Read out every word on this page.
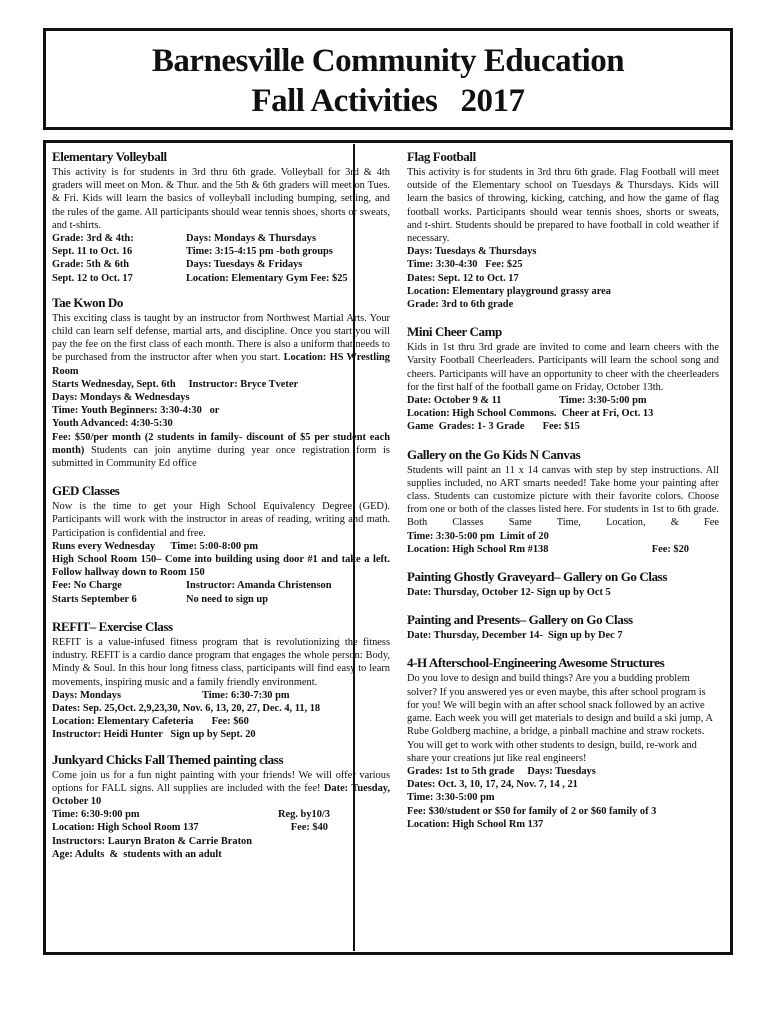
Barnesville Community Education
Fall Activities   2017
Elementary Volleyball
This activity is for students in 3rd thru 6th grade. Volleyball for 3rd & 4th graders will meet on Mon. & Thur. and the 5th & 6th graders will meet on Tues. & Fri. Kids will learn the basics of volleyball including bumping, setting, and the rules of the game. All participants should wear tennis shoes, shorts or sweats, and t-shirts.
Grade: 3rd & 4th:	Days: Mondays & Thursdays
Sept. 11 to Oct. 16	Time: 3:15-4:15 pm -both groups
Grade: 5th & 6th	Days: Tuesdays & Fridays
Sept. 12 to Oct. 17	Location: Elementary Gym Fee: $25
Tae Kwon Do
This exciting class is taught by an instructor from Northwest Martial Arts. Your child can learn self defense, martial arts, and discipline. Once you start you will pay the fee on the first class of each month. There is also a uniform that needs to be purchased from the instructor after when you start. Location: HS Wrestling Room
Starts Wednesday, Sept. 6th     Instructor: Bryce Tveter
Days: Mondays & Wednesdays
Time: Youth Beginners: 3:30-4:30   or
Youth Advanced: 4:30-5:30
Fee: $50/per month (2 students in family- discount of $5 per student each month) Students can join anytime during year once registration form is submitted in Community Ed office
GED Classes
Now is the time to get your High School Equivalency Degree (GED). Participants will work with the instructor in areas of reading, writing and math. Participation is confidential and free.
Runs every Wednesday      Time: 5:00-8:00 pm
High School Room 150– Come into building using door #1 and take a left. Follow hallway down to Room 150
Fee: No Charge	Instructor: Amanda Christenson
Starts September 6	No need to sign up
REFIT– Exercise Class
REFIT is a value-infused fitness program that is revolutionizing the fitness industry. REFIT is a cardio dance program that engages the whole person: Body, Mindy & Soul. In this hour long fitness class, participants will find easy to learn movements, inspiring music and a family friendly environment.
Days: Mondays	Time: 6:30-7:30 pm
Dates: Sep. 25,Oct. 2,9,23,30, Nov. 6, 13, 20, 27, Dec. 4, 11, 18
Location: Elementary Cafeteria       Fee: $60
Instructor: Heidi Hunter   Sign up by Sept. 20
Junkyard Chicks Fall Themed painting class
Come join us for a fun night painting with your friends! We will offer various options for FALL signs. All supplies are included with the fee! Date: Tuesday, October 10
Time: 6:30-9:00 pm	Reg. by10/3
Location: High School Room 137	Fee: $40
Instructors: Lauryn Braton & Carrie Braton
Age: Adults  &  students with an adult
Flag Football
This activity is for students in 3rd thru 6th grade. Flag Football will meet outside of the Elementary school on Tuesdays & Thursdays. Kids will learn the basics of throwing, kicking, catching, and how the game of flag football works. Participants should wear tennis shoes, shorts or sweats, and t-shirt. Students should be prepared to have football in cold weather if necessary.
Days: Tuesdays & Thursdays
Time: 3:30-4:30   Fee: $25
Dates: Sept. 12 to Oct. 17
Location: Elementary playground grassy area
Grade: 3rd to 6th grade
Mini Cheer Camp
Kids in 1st thru 3rd grade are invited to come and learn cheers with the Varsity Football Cheerleaders. Participants will learn the school song and cheers. Participants will have an opportunity to cheer with the cheerleaders for the first half of the football game on Friday, October 13th.
Date: October 9 & 11	Time: 3:30-5:00 pm
Location: High School Commons.  Cheer at Fri, Oct. 13
Game  Grades: 1- 3 Grade       Fee: $15
Gallery on the Go Kids N Canvas
Students will paint an 11 x 14 canvas with step by step instructions. All supplies included, no ART smarts needed! Take home your painting after class. Students can customize picture with their favorite colors. Choose from one or both of the classes listed here. For students in 1st to 6th grade. Both Classes Same Time, Location, & Fee Time: 3:30-5:00 pm  Limit of 20
Location: High School Rm #138	Fee: $20
Painting Ghostly Graveyard– Gallery on Go Class
Date: Thursday, October 12- Sign up by Oct 5
Painting and Presents– Gallery on Go Class
Date: Thursday, December 14-  Sign up by Dec 7
4-H Afterschool-Engineering Awesome Structures
Do you love to design and build things? Are you a budding problem solver? If you answered yes or even maybe, this after school program is for you! We will begin with an after school snack followed by an active game. Each week you will get materials to design and build a ski jump, A Rube Goldberg machine, a bridge, a pinball machine and straw rockets. You will get to work with other students to design, build, re-work and share your creations jut like real engineers!
Grades: 1st to 5th grade     Days: Tuesdays
Dates: Oct. 3, 10, 17, 24, Nov. 7, 14 , 21
Time: 3:30-5:00 pm
Fee: $30/student or $50 for family of 2 or $60 family of 3
Location: High School Rm 137
